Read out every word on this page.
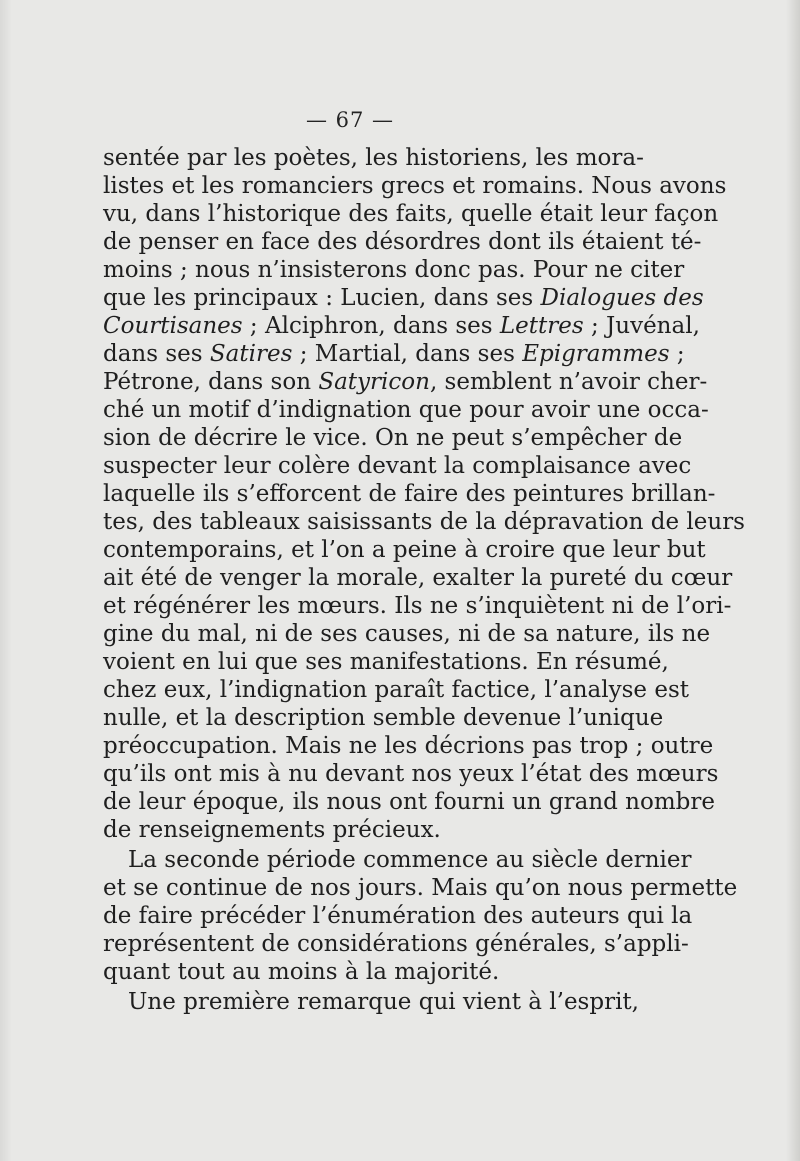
— 67 —
sentée par les poètes, les historiens, les mora-
listes et les romanciers grecs et romains. Nous avons
vu, dans l’historique des faits, quelle était leur façon
de penser en face des désordres dont ils étaient té-
moins ; nous n’insisterons donc pas. Pour ne citer
que les principaux : Lucien, dans ses Dialogues des
Courtisanes ; Alciphron, dans ses Lettres ; Juvénal,
dans ses Satires ; Martial, dans ses Epigrammes ;
Pétrone, dans son Satyricon, semblent n’avoir cher-
ché un motif d’indignation que pour avoir une occa-
sion de décrire le vice. On ne peut s’empêcher de
suspecter leur colère devant la complaisance avec
laquelle ils s’efforcent de faire des peintures brillan-
tes, des tableaux saisissants de la dépravation de leurs
contemporains, et l’on a peine à croire que leur but
ait été de venger la morale, exalter la pureté du cœur
et régénérer les mœurs. Ils ne s’inquiètent ni de l’ori-
gine du mal, ni de ses causes, ni de sa nature, ils ne
voient en lui que ses manifestations. En résumé,
chez eux, l’indignation paraît factice, l’analyse est
nulle, et la description semble devenue l’unique
préoccupation. Mais ne les décrions pas trop ; outre
qu’ils ont mis à nu devant nos yeux l’état des mœurs
de leur époque, ils nous ont fourni un grand nombre
de renseignements précieux.
La seconde période commence au siècle dernier
et se continue de nos jours. Mais qu’on nous permette
de faire précéder l’énumération des auteurs qui la
représentent de considérations générales, s’appli-
quant tout au moins à la majorité.
Une première remarque qui vient à l’esprit,
